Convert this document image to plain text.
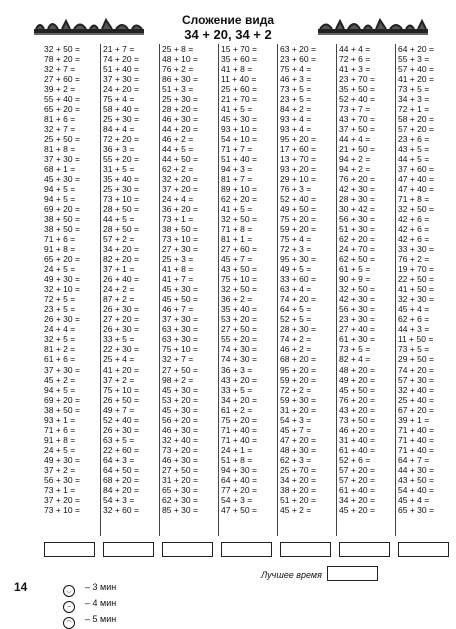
Сложение вида
34 + 20, 34 + 2
32 + 50 =
78 + 20 =
32 + 7 =
27 + 60 =
39 + 2 =
55 + 40 =
65 + 20 =
81 + 6 =
32 + 7 =
25 + 50 =
81 + 8 =
37 + 30 =
68 + 1 =
45 + 30 =
94 + 5 =
94 + 5 =
69 + 20 =
38 + 50 =
38 + 50 =
71 + 6 =
91 + 8 =
65 + 20 =
24 + 5 =
49 + 30 =
32 + 10 =
72 + 5 =
23 + 5 =
26 + 30 =
24 + 4 =
32 + 5 =
81 + 2 =
61 + 6 =
37 + 30 =
45 + 2 =
94 + 5 =
69 + 20 =
38 + 50 =
93 + 1 =
71 + 6 =
91 + 8 =
24 + 5 =
49 + 30 =
37 + 2 =
56 + 30 =
73 + 1 =
37 + 20 =
73 + 10 =
21 + 7 =
74 + 20 =
51 + 40 =
37 + 30 =
24 + 20 =
75 + 4 =
58 + 40 =
25 + 30 =
84 + 4 =
72 + 20 =
36 + 3 =
55 + 20 =
31 + 5 =
35 + 40 =
25 + 30 =
73 + 10 =
28 + 50 =
44 + 5 =
28 + 50 =
57 + 2 =
34 + 20 =
82 + 20 =
37 + 1 =
26 + 40 =
24 + 2 =
87 + 2 =
26 + 30 =
27 + 20 =
26 + 30 =
33 + 5 =
22 + 30 =
25 + 4 =
41 + 20 =
37 + 2 =
75 + 10 =
26 + 50 =
49 + 7 =
52 + 40 =
26 + 30 =
63 + 5 =
22 + 60 =
64 + 3 =
64 + 50 =
68 + 20 =
84 + 20 =
54 + 3 =
32 + 60 =
25 + 8 =
48 + 10 =
76 + 2 =
86 + 30 =
51 + 3 =
25 + 30 =
28 + 20 =
46 + 30 =
44 + 20 =
46 + 2 =
44 + 5 =
44 + 50 =
62 + 2 =
32 + 20 =
37 + 20 =
24 + 4 =
36 + 20 =
73 + 1 =
38 + 50 =
73 + 10 =
27 + 30 =
25 + 3 =
41 + 8 =
41 + 7 =
45 + 30 =
45 + 50 =
46 + 7 =
37 + 30 =
63 + 30 =
63 + 30 =
75 + 10 =
32 + 7 =
27 + 50 =
98 + 2 =
45 + 30 =
53 + 20 =
45 + 30 =
56 + 20 =
46 + 30 =
32 + 40 =
73 + 20 =
46 + 30 =
27 + 50 =
31 + 20 =
65 + 30 =
62 + 30 =
85 + 30 =
15 + 70 =
35 + 60 =
41 + 8 =
11 + 40 =
25 + 60 =
21 + 70 =
41 + 5 =
45 + 30 =
93 + 10 =
54 + 10 =
71 + 7 =
51 + 40 =
94 + 3 =
81 + 7 =
89 + 10 =
62 + 20 =
41 + 5 =
32 + 50 =
71 + 8 =
81 + 1 =
27 + 60 =
45 + 7 =
43 + 50 =
75 + 10 =
32 + 50 =
36 + 2 =
35 + 40 =
53 + 20 =
27 + 50 =
55 + 20 =
74 + 30 =
74 + 30 =
36 + 3 =
43 + 20 =
33 + 5 =
34 + 20 =
61 + 2 =
75 + 20 =
71 + 40 =
71 + 40 =
24 + 1 =
51 + 8 =
94 + 30 =
64 + 40 =
77 + 20 =
54 + 3 =
47 + 50 =
63 + 20 =
23 + 60 =
75 + 4 =
46 + 3 =
73 + 5 =
23 + 5 =
84 + 2 =
93 + 4 =
93 + 4 =
95 + 20 =
17 + 60 =
13 + 70 =
93 + 20 =
29 + 10 =
76 + 3 =
52 + 40 =
49 + 50 =
75 + 20 =
59 + 20 =
75 + 4 =
72 + 3 =
95 + 30 =
49 + 5 =
33 + 60 =
63 + 4 =
74 + 20 =
64 + 5 =
52 + 5 =
28 + 30 =
74 + 2 =
46 + 2 =
68 + 20 =
95 + 20 =
59 + 20 =
72 + 2 =
59 + 30 =
31 + 20 =
54 + 3 =
45 + 7 =
47 + 20 =
48 + 30 =
62 + 3 =
25 + 70 =
34 + 20 =
38 + 20 =
51 + 20 =
45 + 2 =
44 + 4 =
72 + 6 =
41 + 3 =
23 + 70 =
35 + 50 =
52 + 40 =
73 + 7 =
43 + 70 =
37 + 50 =
44 + 4 =
21 + 50 =
94 + 2 =
94 + 2 =
76 + 20 =
42 + 30 =
28 + 30 =
30 + 42 =
56 + 30 =
51 + 30 =
62 + 20 =
24 + 70 =
62 + 50 =
61 + 5 =
90 + 9 =
32 + 50 =
42 + 30 =
56 + 30 =
23 + 30 =
27 + 40 =
61 + 30 =
73 + 5 =
82 + 4 =
48 + 20 =
49 + 20 =
45 + 50 =
76 + 20 =
43 + 20 =
73 + 50 =
46 + 20 =
31 + 40 =
61 + 40 =
52 + 6 =
57 + 20 =
57 + 20 =
61 + 40 =
34 + 20 =
45 + 20 =
64 + 20 =
55 + 3 =
57 + 40 =
41 + 20 =
73 + 5 =
34 + 3 =
72 + 1 =
58 + 20 =
57 + 20 =
23 + 6 =
43 + 5 =
44 + 5 =
37 + 60 =
47 + 40 =
47 + 40 =
71 + 8 =
32 + 50 =
42 + 6 =
42 + 6 =
42 + 6 =
33 + 30 =
76 + 2 =
19 + 70 =
22 + 50 =
41 + 50 =
32 + 30 =
45 + 4 =
62 + 6 =
44 + 3 =
11 + 50 =
73 + 5 =
29 + 50 =
74 + 20 =
57 + 30 =
32 + 40 =
25 + 40 =
67 + 20 =
39 + 1 =
71 + 40 =
71 + 40 =
71 + 40 =
64 + 7 =
44 + 30 =
43 + 50 =
54 + 40 =
45 + 4 =
65 + 30 =

◡ – 3 мин
– – 4 мин
◠ – 5 мин

Лучшее время
14
